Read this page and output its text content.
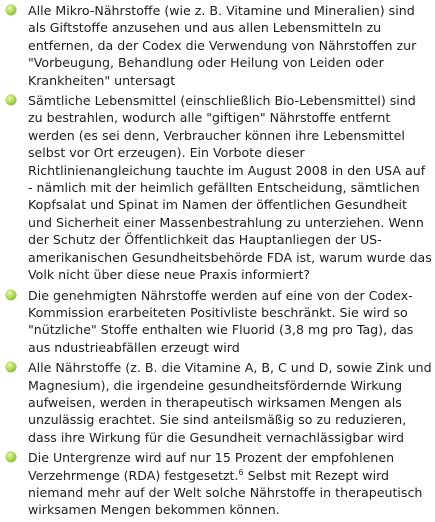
Alle Mikro-Nährstoffe (wie z. B. Vitamine und Mineralien) sind als Giftstoffe anzusehen und aus allen Lebensmitteln zu entfernen, da der Codex die Verwendung von Nährstoffen zur "Vorbeugung, Behandlung oder Heilung von Leiden oder Krankheiten" untersagt
Sämtliche Lebensmittel (einschließlich Bio-Lebensmittel) sind zu bestrahlen, wodurch alle "giftigen" Nährstoffe entfernt werden (es sei denn, Verbraucher können ihre Lebensmittel selbst vor Ort erzeugen). Ein Vorbote dieser Richtlinienangleichung tauchte im August 2008 in den USA auf - nämlich mit der heimlich gefällten Entscheidung, sämtlichen Kopfsalat und Spinat im Namen der öffentlichen Gesundheit und Sicherheit einer Massenbestrahlung zu unterziehen. Wenn der Schutz der Öffentlichkeit das Hauptanliegen der US-amerikanischen Gesundheitsbehörde FDA ist, warum wurde das Volk nicht über diese neue Praxis informiert?
Die genehmigten Nährstoffe werden auf eine von der Codex-Kommission erarbeiteten Positivliste beschränkt. Sie wird so "nützliche" Stoffe enthalten wie Fluorid (3,8 mg pro Tag), das aus ndustrieabfällen erzeugt wird
Alle Nährstoffe (z. B. die Vitamine A, B, C und D, sowie Zink und Magnesium), die irgendeine gesundheitsfördernde Wirkung aufweisen, werden in therapeutisch wirksamen Mengen als unzulässig erachtet. Sie sind anteilsmäßig so zu reduzieren, dass ihre Wirkung für die Gesundheit vernachlässigbar wird
Die Untergrenze wird auf nur 15 Prozent der empfohlenen Verzehrmenge (RDA) festgesetzt.$^6$ Selbst mit Rezept wird niemand mehr auf der Welt solche Nährstoffe in therapeutisch wirksamen Mengen bekommen können.
